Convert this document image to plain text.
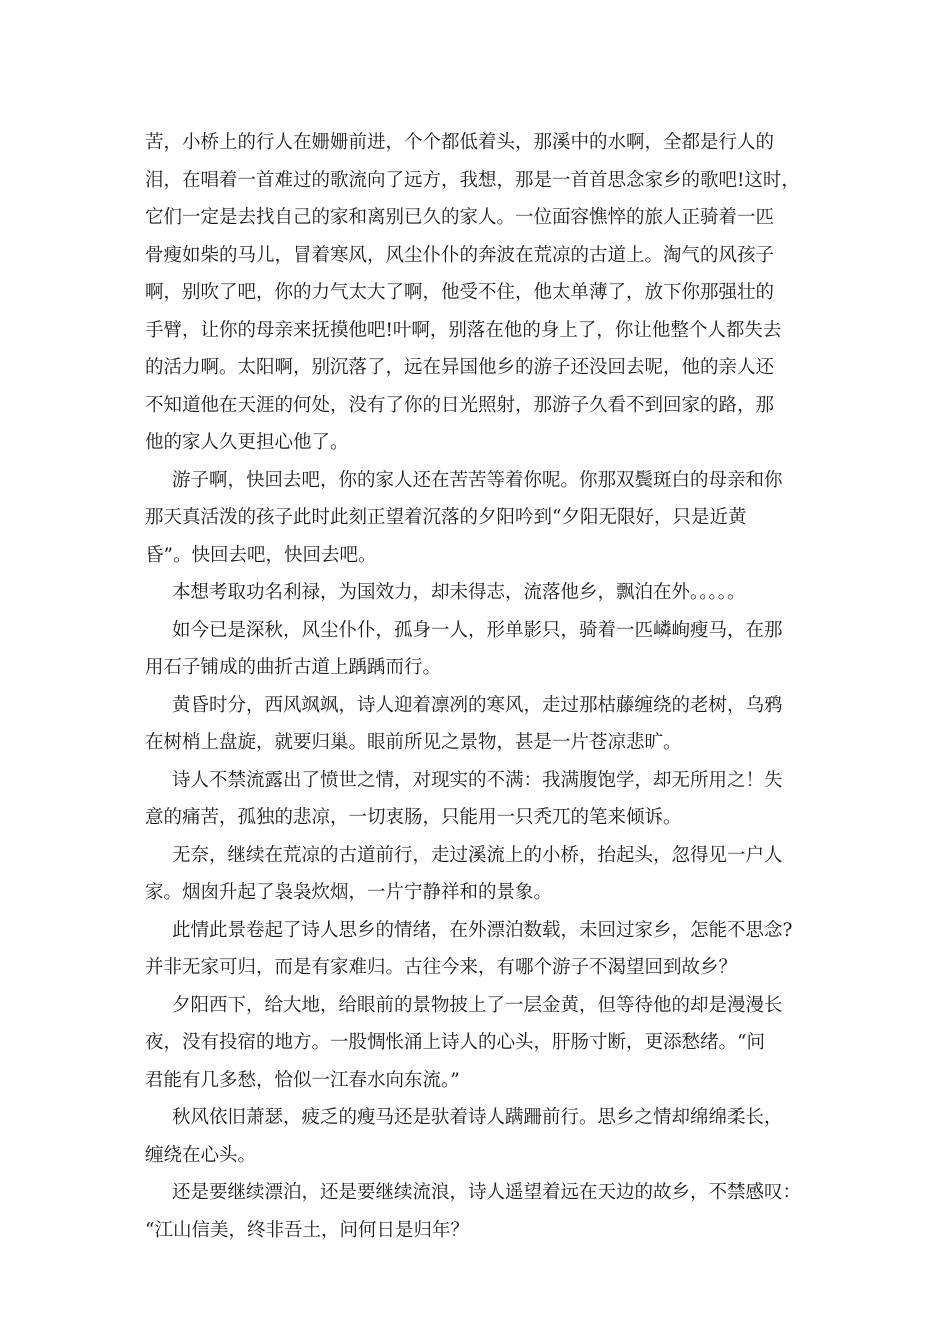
苦，小桥上的行人在姗姗前进，个个都低着头，那溪中的水啊，全都是行人的
泪，在唱着一首难过的歌流向了远方，我想，那是一首首思念家乡的歌吧!这时，
它们一定是去找自己的家和离别已久的家人。一位面容憔悴的旅人正骑着一匹
骨瘦如柴的马儿，冒着寒风，风尘仆仆的奔波在荒凉的古道上。淘气的风孩子
啊，别吹了吧，你的力气太大了啊，他受不住，他太单薄了，放下你那强壮的
手臂，让你的母亲来抚摸他吧!叶啊，别落在他的身上了，你让他整个人都失去
的活力啊。太阳啊，别沉落了，远在异国他乡的游子还没回去呢，他的亲人还
不知道他在天涯的何处，没有了你的日光照射，那游子久看不到回家的路，那
他的家人久更担心他了。
游子啊，快回去吧，你的家人还在苦苦等着你呢。你那双鬓斑白的母亲和你
那天真活泼的孩子此时此刻正望着沉落的夕阳吟到“夕阳无限好，只是近黄
昏”。快回去吧，快回去吧。
本想考取功名利禄，为国效力，却未得志，流落他乡，飘泊在外。。。。。
如今已是深秋，风尘仆仆，孤身一人，形单影只，骑着一匹嶙峋瘦马，在那
用石子铺成的曲折古道上踽踽而行。
黄昏时分，西风飒飒，诗人迎着凛冽的寒风，走过那枯藤缠绕的老树，乌鸦
在树梢上盘旋，就要归巢。眼前所见之景物，甚是一片苍凉悲旷。
诗人不禁流露出了愤世之情，对现实的不满：我满腹饱学，却无所用之！失
意的痛苦，孤独的悲凉，一切衷肠，只能用一只秃兀的笔来倾诉。
无奈，继续在荒凉的古道前行，走过溪流上的小桥，抬起头，忽得见一户人
家。烟囱升起了袅袅炊烟，一片宁静祥和的景象。
此情此景卷起了诗人思乡的情绪，在外漂泊数载，未回过家乡，怎能不思念?
并非无家可归，而是有家难归。古往今来，有哪个游子不渴望回到故乡？
夕阳西下，给大地，给眼前的景物披上了一层金黄，但等待他的却是漫漫长
夜，没有投宿的地方。一股惆怅涌上诗人的心头，肝肠寸断，更添愁绪。“问
君能有几多愁，恰似一江春水向东流。”
秋风依旧萧瑟，疲乏的瘦马还是驮着诗人蹒跚前行。思乡之情却绵绵柔长，
缠绕在心头。
还是要继续漂泊，还是要继续流浪，诗人遥望着远在天边的故乡，不禁感叹：
“江山信美，终非吾土，问何日是归年？
